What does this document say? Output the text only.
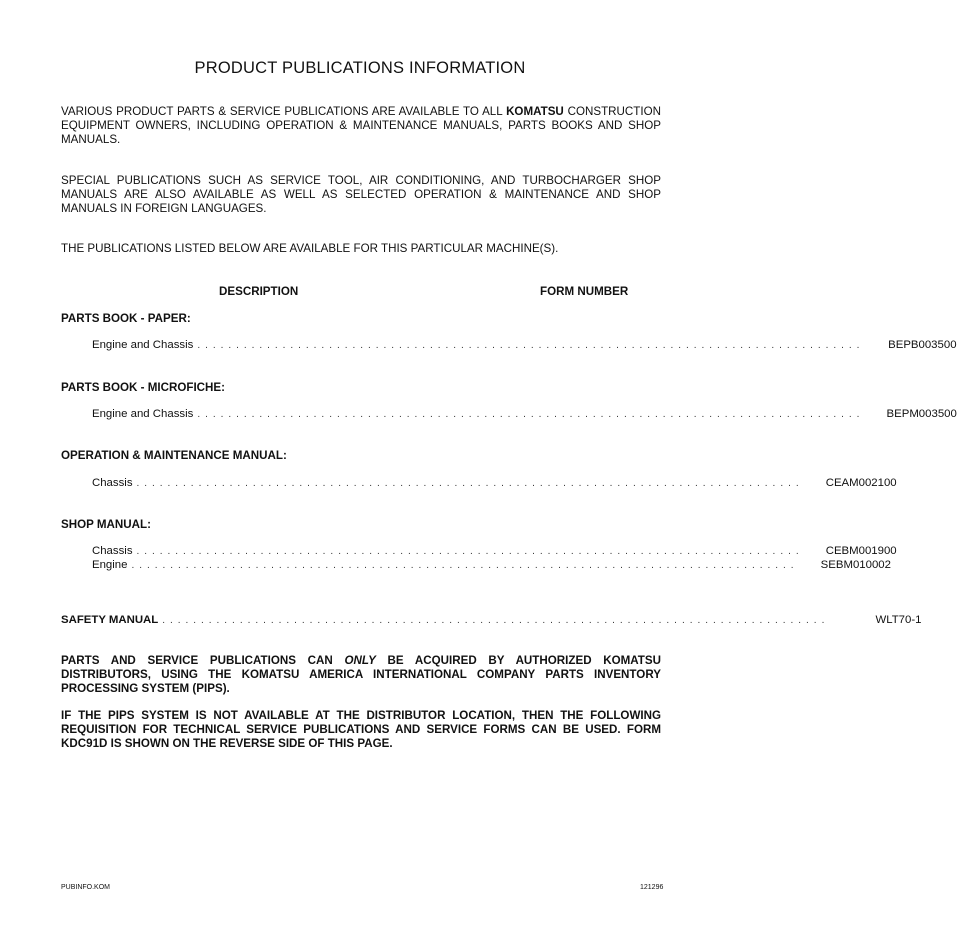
PRODUCT PUBLICATIONS INFORMATION
VARIOUS PRODUCT PARTS & SERVICE PUBLICATIONS ARE AVAILABLE TO ALL KOMATSU CONSTRUCTION EQUIPMENT OWNERS, INCLUDING OPERATION & MAINTENANCE MANUALS, PARTS BOOKS AND SHOP MANUALS.
SPECIAL PUBLICATIONS SUCH AS SERVICE TOOL, AIR CONDITIONING, AND TURBOCHARGER SHOP MANUALS ARE ALSO AVAILABLE AS WELL AS SELECTED OPERATION & MAINTENANCE AND SHOP MANUALS IN FOREIGN LANGUAGES.
THE PUBLICATIONS LISTED BELOW ARE AVAILABLE FOR THIS PARTICULAR MACHINE(S).
DESCRIPTION	FORM NUMBER
PARTS BOOK - PAPER:
Engine and Chassis . . . . . . . . . . . . . . . . . . . . . . . . . . . . . . . . . . . . . . . . . . . . . . . . . . . . . . . . . . . . . . . . . . . . . . . . . . . . . . . . . . . . . .	BEPB003500
PARTS BOOK - MICROFICHE:
Engine and Chassis . . . . . . . . . . . . . . . . . . . . . . . . . . . . . . . . . . . . . . . . . . . . . . . . . . . . . . . . . . . . . . . . . . . . . . . . . . . . . . . . . . . . . .	BEPM003500
OPERATION & MAINTENANCE MANUAL:
Chassis . . . . . . . . . . . . . . . . . . . . . . . . . . . . . . . . . . . . . . . . . . . . . . . . . . . . . . . . . . . . . . . . . . . . . . . . . . . . . . . . . . . . . .	CEAM002100
SHOP MANUAL:
Chassis . . . . . . . . . . . . . . . . . . . . . . . . . . . . . . . . . . . . . . . . . . . . . . . . . . . . . . . . . . . . . . . . . . . . . . . . . . . . . . . . . . . . . .	CEBM001900
Engine . . . . . . . . . . . . . . . . . . . . . . . . . . . . . . . . . . . . . . . . . . . . . . . . . . . . . . . . . . . . . . . . . . . . . . . . . . . . . . . . . . . . . .	SEBM010002
SAFETY MANUAL . . . . . . . . . . . . . . . . . . . . . . . . . . . . . . . . . . . . . . . . . . . . . . . . . . . . . . . . . . . . . . . . . . . . . . . . . . . . . . . . . . . . . .	WLT70-1
PARTS AND SERVICE PUBLICATIONS CAN ONLY BE ACQUIRED BY AUTHORIZED KOMATSU DISTRIBUTORS, USING THE KOMATSU AMERICA INTERNATIONAL COMPANY PARTS INVENTORY PROCESSING SYSTEM (PIPS).
IF THE PIPS SYSTEM IS NOT AVAILABLE AT THE DISTRIBUTOR LOCATION, THEN THE FOLLOWING REQUISITION FOR TECHNICAL SERVICE PUBLICATIONS AND SERVICE FORMS CAN BE USED. FORM KDC91D IS SHOWN ON THE REVERSE SIDE OF THIS PAGE.
PUBINFO.KOM	121296
